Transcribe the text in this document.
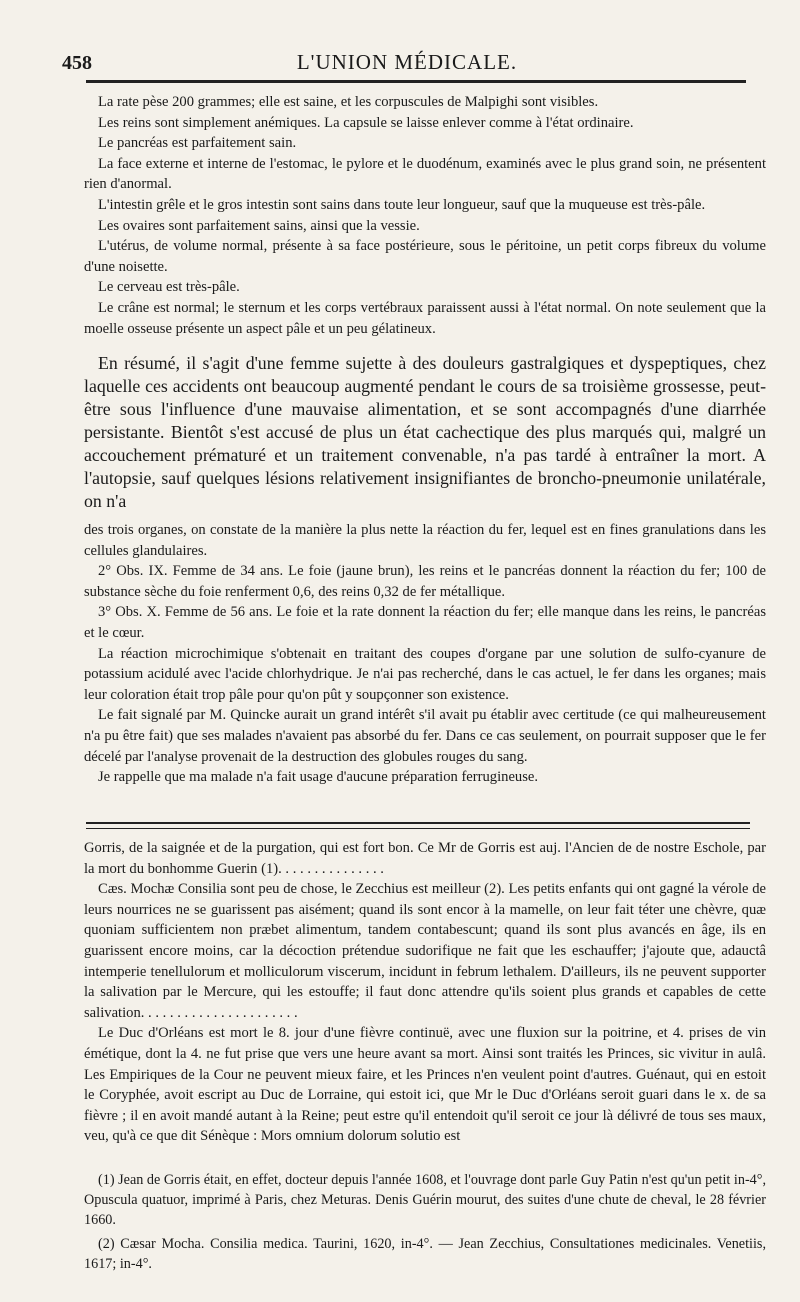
458	L'UNION MÉDICALE.

La rate pèse 200 grammes; elle est saine, et les corpuscules de Malpighi sont visibles.

Les reins sont simplement anémiques. La capsule se laisse enlever comme à l'état ordinaire.

Le pancréas est parfaitement sain.

La face externe et interne de l'estomac, le pylore et le duodénum, examinés avec le plus grand soin, ne présentent rien d'anormal.

L'intestin grêle et le gros intestin sont sains dans toute leur longueur, sauf que la muqueuse est très-pâle.

Les ovaires sont parfaitement sains, ainsi que la vessie.

L'utérus, de volume normal, présente à sa face postérieure, sous le péritoine, un petit corps fibreux du volume d'une noisette.

Le cerveau est très-pâle.

Le crâne est normal; le sternum et les corps vertébraux paraissent aussi à l'état normal. On note seulement que la moelle osseuse présente un aspect pâle et un peu gélatineux.

En résumé, il s'agit d'une femme sujette à des douleurs gastralgiques et dyspeptiques, chez laquelle ces accidents ont beaucoup augmenté pendant le cours de sa troisième grossesse, peut-être sous l'influence d'une mauvaise alimentation, et se sont accompagnés d'une diarrhée persistante. Bientôt s'est accusé de plus un état cachectique des plus marqués qui, malgré un accouchement prématuré et un traitement convenable, n'a pas tardé à entraîner la mort. A l'autopsie, sauf quelques lésions relativement insignifiantes de broncho-pneumonie unilatérale, on n'a

des trois organes, on constate de la manière la plus nette la réaction du fer, lequel est en fines granulations dans les cellules glandulaires.

2° Obs. IX. Femme de 34 ans. Le foie (jaune brun), les reins et le pancréas donnent la réaction du fer; 100 de substance sèche du foie renferment 0,6, des reins 0,32 de fer métallique.

3° Obs. X. Femme de 56 ans. Le foie et la rate donnent la réaction du fer; elle manque dans les reins, le pancréas et le cœur.

La réaction microchimique s'obtenait en traitant des coupes d'organe par une solution de sulfo-cyanure de potassium acidulé avec l'acide chlorhydrique. Je n'ai pas recherché, dans le cas actuel, le fer dans les organes; mais leur coloration était trop pâle pour qu'on pût y soupçonner son existence.

Le fait signalé par M. Quincke aurait un grand intérêt s'il avait pu établir avec certitude (ce qui malheureusement n'a pu être fait) que ses malades n'avaient pas absorbé du fer. Dans ce cas seulement, on pourrait supposer que le fer décelé par l'analyse provenait de la destruction des globules rouges du sang.

Je rappelle que ma malade n'a fait usage d'aucune préparation ferrugineuse.

Gorris, de la saignée et de la purgation, qui est fort bon. Ce Mr de Gorris est auj. l'Ancien de de nostre Eschole, par la mort du bonhomme Guerin (1). . . . . . . . . . . . . . .

Cæs. Mochæ Consilia sont peu de chose, le Zecchius est meilleur (2). Les petits enfants qui ont gagné la vérole de leurs nourrices ne se guarissent pas aisément; quand ils sont encor à la mamelle, on leur fait téter une chèvre, quæ quoniam sufficientem non præbet alimentum, tandem contabescunt; quand ils sont plus avancés en âge, ils en guarissent encore moins, car la décoction prétendue sudorifique ne fait que les eschauffer; j'ajoute que, adauctâ intemperie tenellulorum et molliculorum viscerum, incidunt in februm lethalem. D'ailleurs, ils ne peuvent supporter la salivation par le Mercure, qui les estouffe; il faut donc attendre qu'ils soient plus grands et capables de cette salivation. . . . . . . . . . . . . . . . . . . . . .

Le Duc d'Orléans est mort le 8. jour d'une fièvre continuë, avec une fluxion sur la poitrine, et 4. prises de vin émétique, dont la 4. ne fut prise que vers une heure avant sa mort. Ainsi sont traités les Princes, sic vivitur in aulâ. Les Empiriques de la Cour ne peuvent mieux faire, et les Princes n'en veulent point d'autres. Guénaut, qui en estoit le Coryphée, avoit escript au Duc de Lorraine, qui estoit ici, que Mr le Duc d'Orléans seroit guari dans le x. de sa fièvre ; il en avoit mandé autant à la Reine; peut estre qu'il entendoit qu'il seroit ce jour là délivré de tous ses maux, veu, qu'à ce que dit Sénèque : Mors omnium dolorum solutio est

(1) Jean de Gorris était, en effet, docteur depuis l'année 1608, et l'ouvrage dont parle Guy Patin n'est qu'un petit in-4°, Opuscula quatuor, imprimé à Paris, chez Meturas. Denis Guérin mourut, des suites d'une chute de cheval, le 28 février 1660.

(2) Cæsar Mocha. Consilia medica. Taurini, 1620, in-4°. — Jean Zecchius, Consultationes medicinales. Venetiis, 1617; in-4°.
